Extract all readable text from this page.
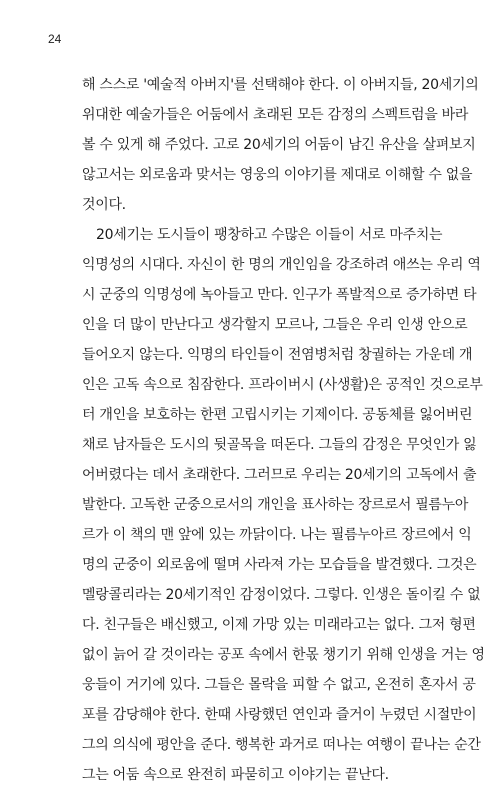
24
해 스스로 '예술적 아버지'를 선택해야 한다. 이 아버지들, 20세기의
위대한 예술가들은 어둠에서 초래된 모든 감정의 스펙트럼을 바라
볼 수 있게 해 주었다. 고로 20세기의 어둠이 남긴 유산을 살펴보지
않고서는 외로움과 맞서는 영웅의 이야기를 제대로 이해할 수 없을
것이다.
20세기는 도시들이 팽창하고 수많은 이들이 서로 마주치는
익명성의 시대다. 자신이 한 명의 개인임을 강조하려 애쓰는 우리 역
시 군중의 익명성에 녹아들고 만다. 인구가 폭발적으로 증가하면 타
인을 더 많이 만난다고 생각할지 모르나, 그들은 우리 인생 안으로
들어오지 않는다. 익명의 타인들이 전염병처럼 창궐하는 가운데 개
인은 고독 속으로 침잠한다. 프라이버시 (사생활)은 공적인 것으로부
터 개인을 보호하는 한편 고립시키는 기제이다. 공동체를 잃어버린
채로 남자들은 도시의 뒷골목을 떠돈다. 그들의 감정은 무엇인가 잃
어버렸다는 데서 초래한다. 그러므로 우리는 20세기의 고독에서 출
발한다. 고독한 군중으로서의 개인을 표사하는 장르로서 필름누아
르가 이 책의 맨 앞에 있는 까닭이다. 나는 필름누아르 장르에서 익
명의 군중이 외로움에 떨며 사라져 가는 모습들을 발견했다. 그것은
멜랑콜리라는 20세기적인 감정이었다. 그렇다. 인생은 돌이킬 수 없
다. 친구들은 배신했고, 이제 가망 있는 미래라고는 없다. 그저 형편
없이 늙어 갈 것이라는 공포 속에서 한몫 챙기기 위해 인생을 거는 영
웅들이 거기에 있다. 그들은 몰락을 피할 수 없고, 온전히 혼자서 공
포를 감당해야 한다. 한때 사랑했던 연인과 즐거이 누렸던 시절만이
그의 의식에 평안을 준다. 행복한 과거로 떠나는 여행이 끝나는 순간
그는 어둠 속으로 완전히 파묻히고 이야기는 끝난다.
